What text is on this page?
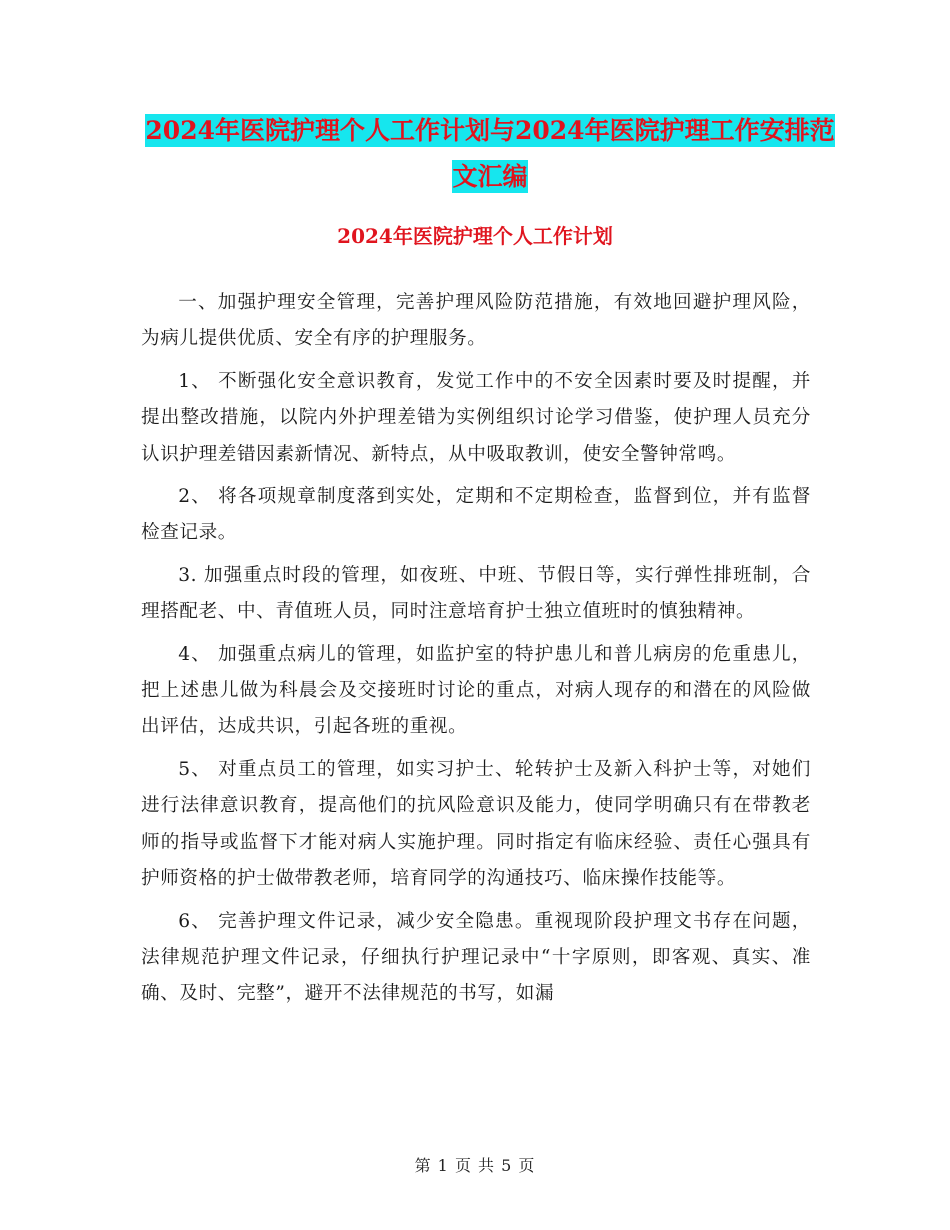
2024年医院护理个人工作计划与2024年医院护理工作安排范文汇编
2024年医院护理个人工作计划

一、加强护理安全管理，完善护理风险防范措施，有效地回避护理风险，为病儿提供优质、安全有序的护理服务。

1、 不断强化安全意识教育，发觉工作中的不安全因素时要及时提醒，并提出整改措施，以院内外护理差错为实例组织讨论学习借鉴，使护理人员充分认识护理差错因素新情况、新特点，从中吸取教训，使安全警钟常鸣。

2、 将各项规章制度落到实处，定期和不定期检查，监督到位，并有监督检查记录。

3. 加强重点时段的管理，如夜班、中班、节假日等，实行弹性排班制，合理搭配老、中、青值班人员，同时注意培育护士独立值班时的慎独精神。

4、 加强重点病儿的管理，如监护室的特护患儿和普儿病房的危重患儿，把上述患儿做为科晨会及交接班时讨论的重点，对病人现存的和潜在的风险做出评估，达成共识，引起各班的重视。

5、 对重点员工的管理，如实习护士、轮转护士及新入科护士等，对她们进行法律意识教育，提高他们的抗风险意识及能力，使同学明确只有在带教老师的指导或监督下才能对病人实施护理。同时指定有临床经验、责任心强具有护师资格的护士做带教老师，培育同学的沟通技巧、临床操作技能等。

6、 完善护理文件记录，减少安全隐患。重视现阶段护理文书存在问题，法律规范护理文件记录，仔细执行护理记录中“十字原则，即客观、真实、准确、及时、完整”，避开不法律规范的书写，如漏

第 1 页 共 5 页
